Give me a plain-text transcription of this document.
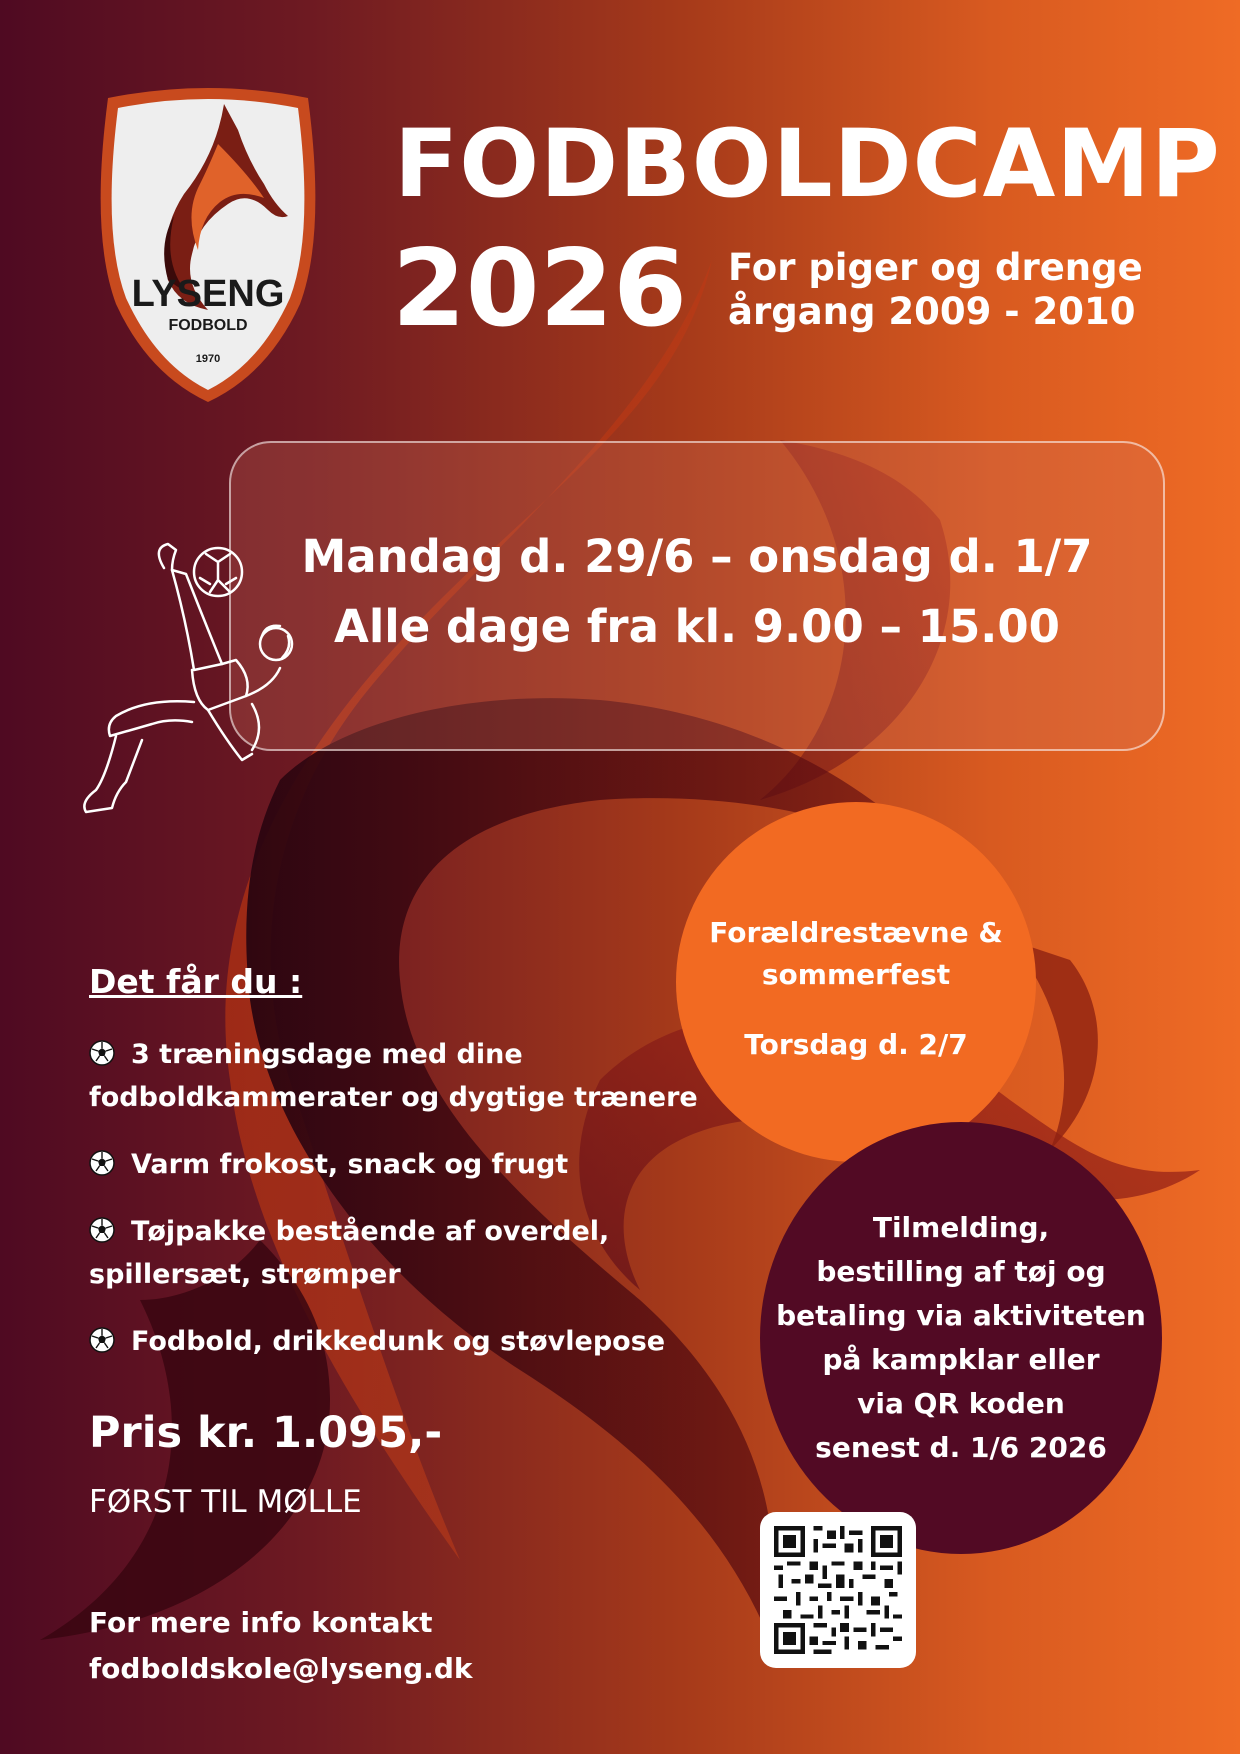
LYSENG
FODBOLD
1970
FODBOLDCAMP
2026 For piger og drenge
årgang 2009 - 2010
Mandag d. 29/6 – onsdag d. 1/7
Alle dage fra kl. 9.00 – 15.00
Forældrestævne & sommerfest
Torsdag d. 2/7
Tilmelding,
bestilling af tøj og
betaling via aktiviteten
på kampklar eller
via QR koden
senest d. 1/6 2026
Det får du :
3 træningsdage med dine fodboldkammerater og dygtige trænere
Varm frokost, snack og frugt
Tøjpakke bestående af overdel, spillersæt, strømper
Fodbold, drikkedunk og støvlepose
Pris kr. 1.095,-
FØRST TIL MØLLE
For mere info kontakt
fodboldskole@lyseng.dk
